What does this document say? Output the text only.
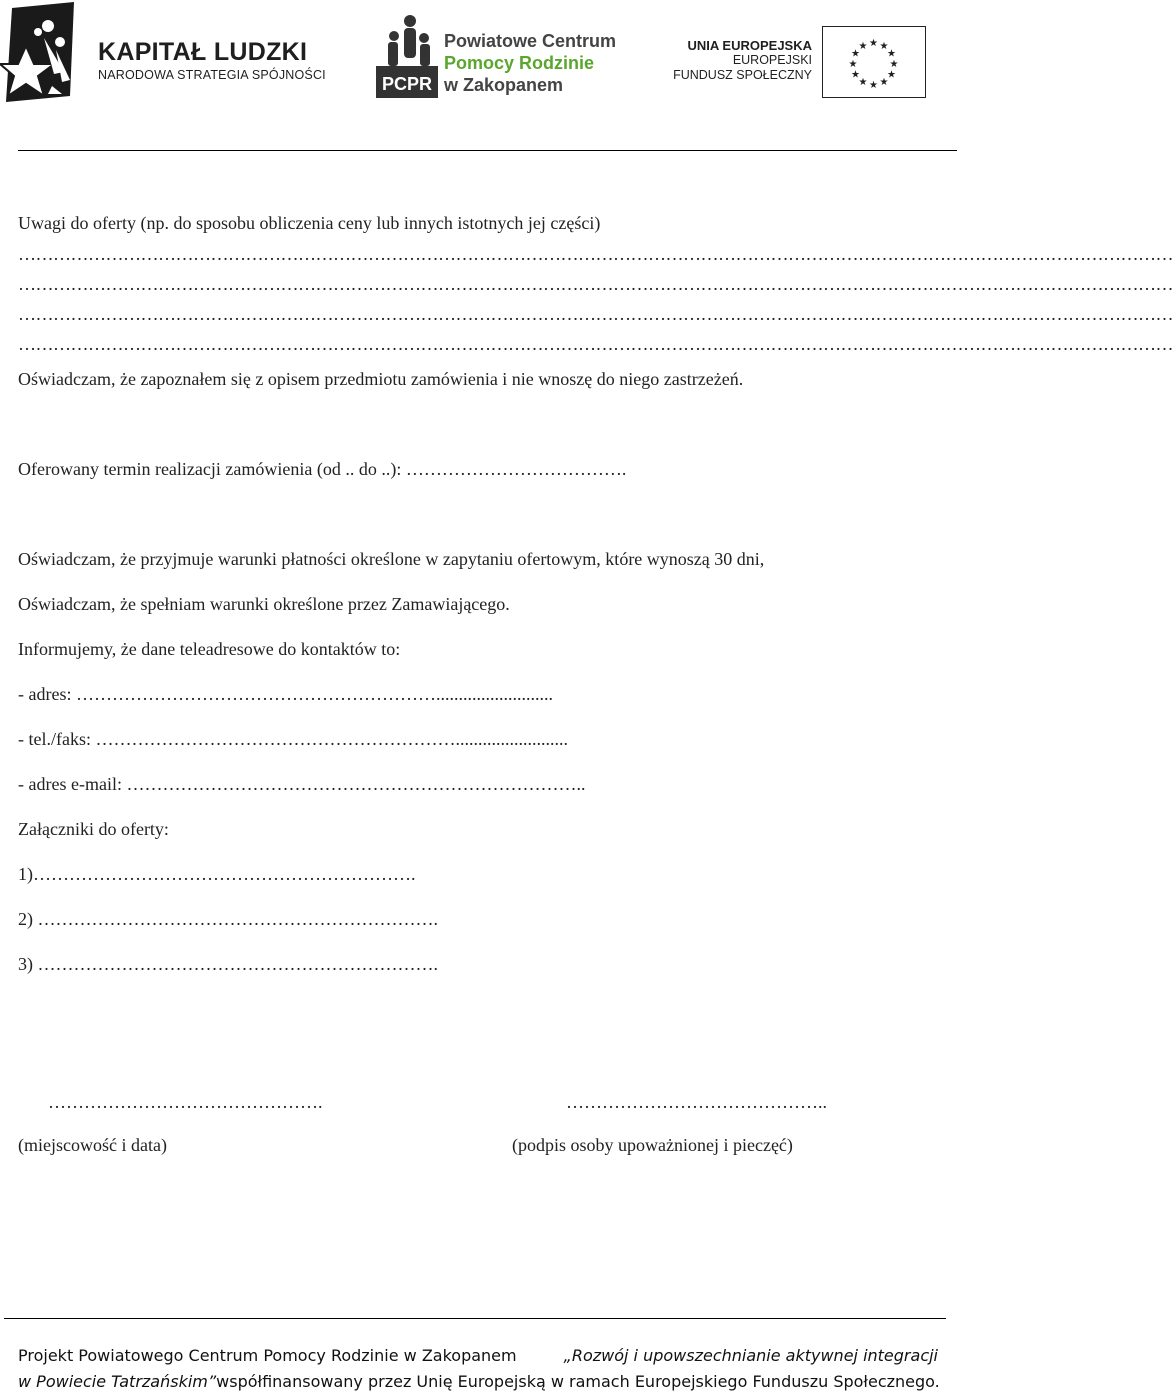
KAPITAŁ LUDZKI
NARODOWA STRATEGIA SPÓJNOŚCI	PCPR
Powiatowe Centrum
Pomocy Rodzinie
w Zakopanem
UNIA EUROPEJSKA
EUROPEJSKI
FUNDUSZ SPOŁECZNY
★ ★
★
★
★
★
★
★
★
★
★
★
Uwagi do oferty (np. do sposobu obliczenia ceny lub innych istotnych jej części)
………………………………………………………………………………………………………………………………………………………………………………
………………………………………………………………………………………………………………………………………………………………………………
………………………………………………………………………………………………………………………………………………………………………………
………………………………………………………………………………………………………………………………………………………………………………
Oświadczam, że zapoznałem się z opisem przedmiotu zamówienia i nie wnoszę do niego zastrzeżeń.
Oferowany termin realizacji zamówienia (od .. do ..): ……………………………….
Oświadczam, że przyjmuje warunki płatności określone w zapytaniu ofertowym, które wynoszą 30 dni,
Oświadczam, że spełniam warunki określone przez Zamawiającego.
Informujemy, że dane teleadresowe do kontaktów to:
- adres: ……………………………………………………..........................
- tel./faks: …………………………………………………….........................
- adres e-mail: …………………………………………………………………..
Załączniki do oferty:
1)……………………………………………………….
2) ………………………………………………………….
3) ………………………………………………………….
……………………………………….	……………………………………..
(miejscowość i data)	(podpis osoby upoważnionej i pieczęć)
Projekt Powiatowego Centrum Pomocy Rodzinie w Zakopanem	„Rozwój i upowszechnianie aktywnej integracji
w Powiecie Tatrzańskim” współfinansowany przez Unię Europejską w ramach Europejskiego Funduszu Społecznego.
